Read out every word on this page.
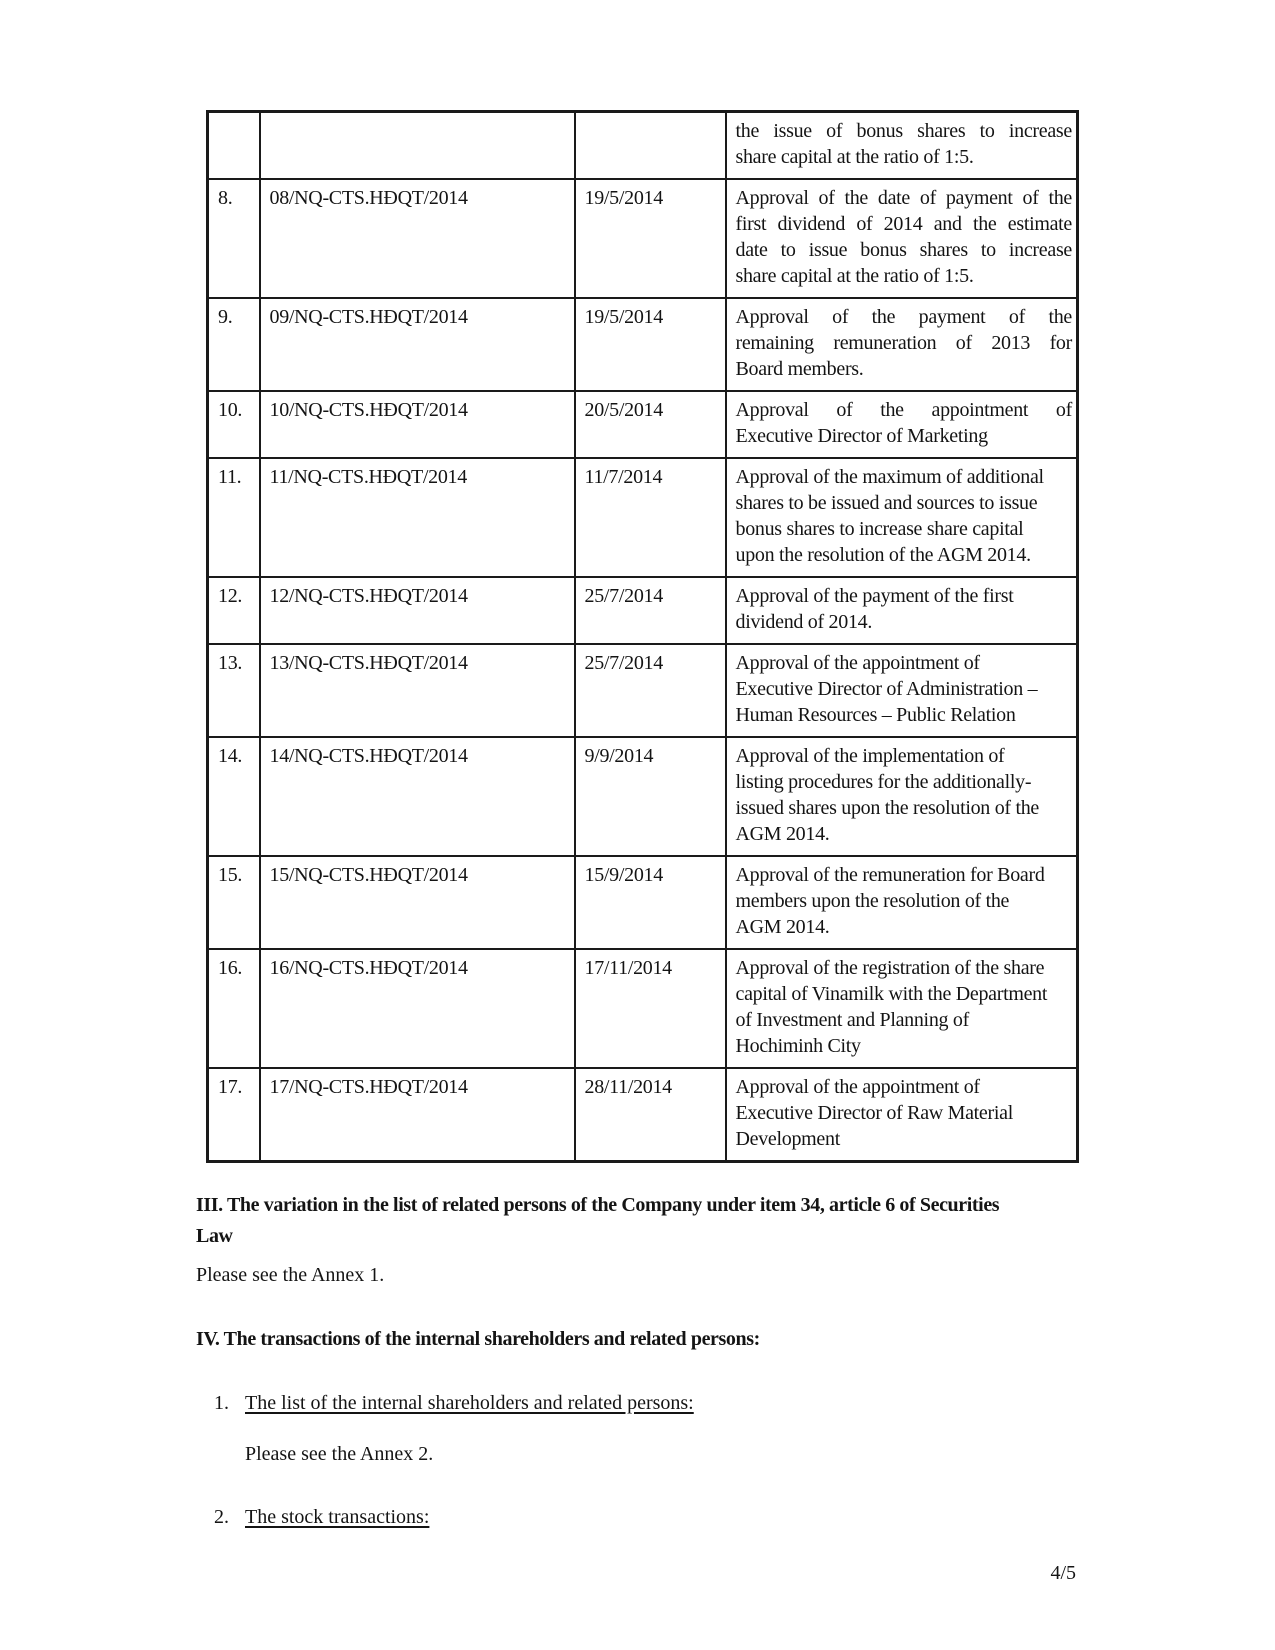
			the issue of bonus shares to increase
share capital at the ratio of 1:5.

8.	08/NQ-CTS.HĐQT/2014	19/5/2014	Approval of the date of payment of the
first dividend of 2014 and the estimate
date to issue bonus shares to increase
share capital at the ratio of 1:5.

9.	09/NQ-CTS.HĐQT/2014	19/5/2014	Approval of the payment of the
remaining remuneration of 2013 for
Board members.

10.	10/NQ-CTS.HĐQT/2014	20/5/2014	Approval of the appointment of
Executive Director of Marketing

11.	11/NQ-CTS.HĐQT/2014	11/7/2014	Approval of the maximum of additional
shares to be issued and sources to issue
bonus shares to increase share capital
upon the resolution of the AGM 2014.

12.	12/NQ-CTS.HĐQT/2014	25/7/2014	Approval of the payment of the first
dividend of 2014.

13.	13/NQ-CTS.HĐQT/2014	25/7/2014	Approval of the appointment of
Executive Director of Administration –
Human Resources – Public Relation

14.	14/NQ-CTS.HĐQT/2014	9/9/2014	Approval of the implementation of
listing procedures for the additionally-
issued shares upon the resolution of the
AGM 2014.

15.	15/NQ-CTS.HĐQT/2014	15/9/2014	Approval of the remuneration for Board
members upon the resolution of the
AGM 2014.

16.	16/NQ-CTS.HĐQT/2014	17/11/2014	Approval of the registration of the share
capital of Vinamilk with the Department
of Investment and Planning of
Hochiminh City

17.	17/NQ-CTS.HĐQT/2014	28/11/2014	Approval of the appointment of
Executive Director of Raw Material
Development
III. The variation in the list of related persons of the Company under item 34, article 6 of Securities
Law

Please see the Annex 1.

IV. The transactions of the internal shareholders and related persons:
1. The list of the internal shareholders and related persons:

Please see the Annex 2.

2. The stock transactions:
4/5
